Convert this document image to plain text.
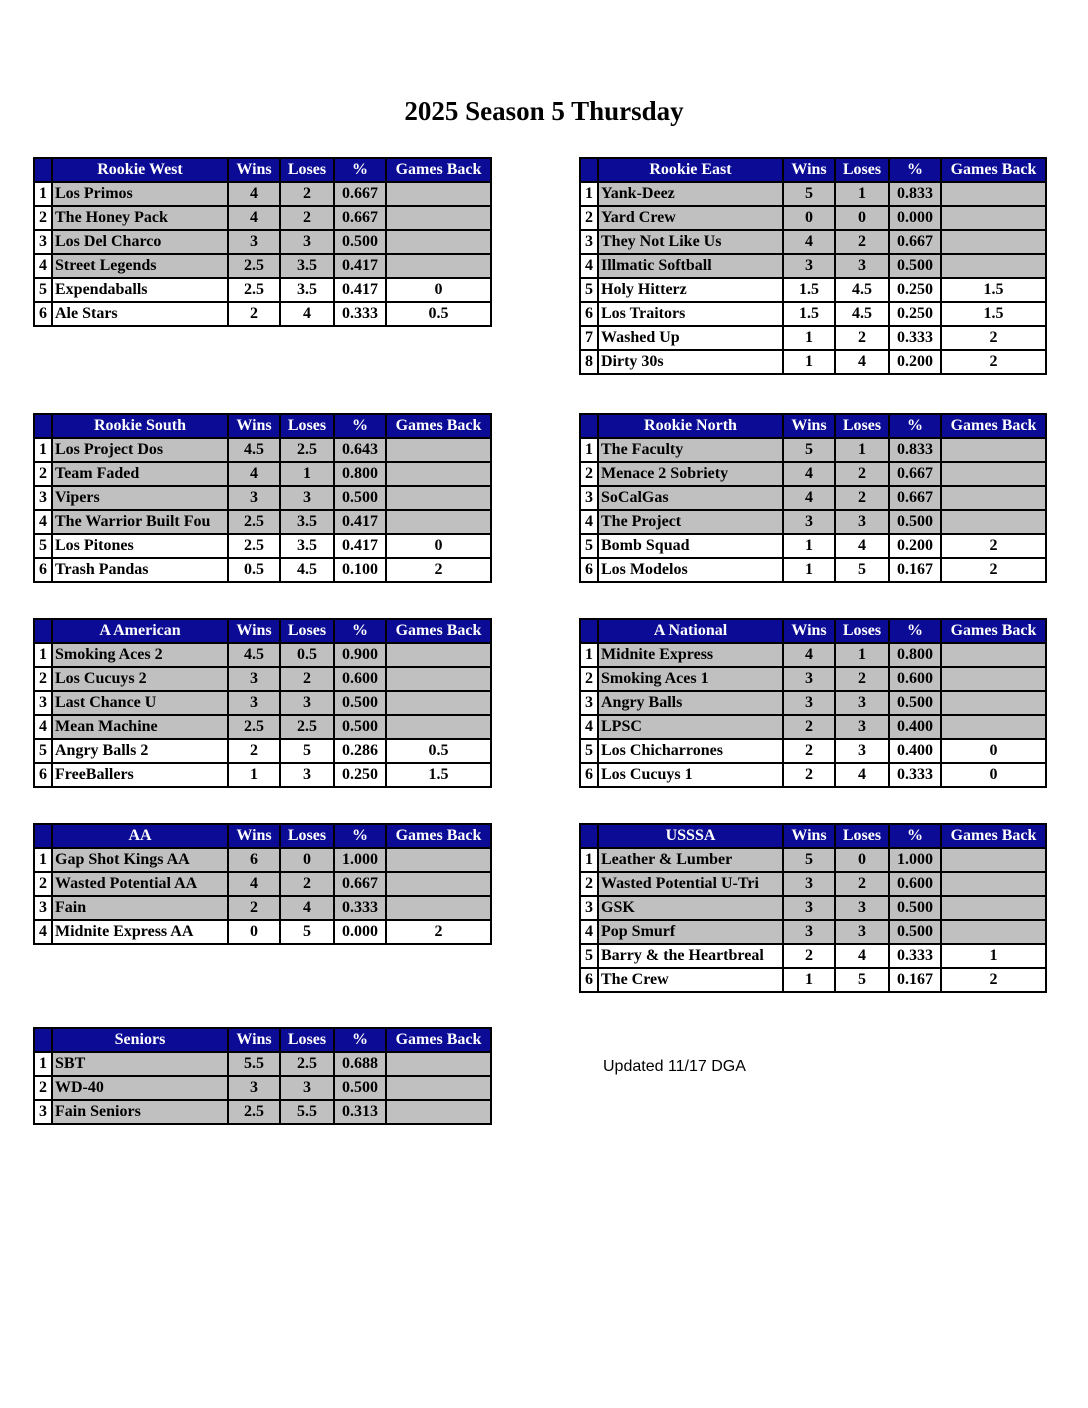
2025 Season 5 Thursday
	Rookie West	Wins	Loses	%	Games Back
1	Los Primos	4	2	0.667	
2	The Honey Pack	4	2	0.667	
3	Los Del Charco	3	3	0.500	
4	Street Legends	2.5	3.5	0.417	
5	Expendaballs	2.5	3.5	0.417	0
6	Ale Stars	2	4	0.333	0.5
	Rookie East	Wins	Loses	%	Games Back
1	Yank-Deez	5	1	0.833	
2	Yard Crew	0	0	0.000	
3	They Not Like Us	4	2	0.667	
4	Illmatic Softball	3	3	0.500	
5	Holy Hitterz	1.5	4.5	0.250	1.5
6	Los Traitors	1.5	4.5	0.250	1.5
7	Washed Up	1	2	0.333	2
8	Dirty 30s	1	4	0.200	2
	Rookie South	Wins	Loses	%	Games Back
1	Los Project Dos	4.5	2.5	0.643	
2	Team Faded	4	1	0.800	
3	Vipers	3	3	0.500	
4	The Warrior Built Fou	2.5	3.5	0.417	
5	Los Pitones	2.5	3.5	0.417	0
6	Trash Pandas	0.5	4.5	0.100	2
	Rookie North	Wins	Loses	%	Games Back
1	The Faculty	5	1	0.833	
2	Menace 2 Sobriety	4	2	0.667	
3	SoCalGas	4	2	0.667	
4	The Project	3	3	0.500	
5	Bomb Squad	1	4	0.200	2
6	Los Modelos	1	5	0.167	2
	A American	Wins	Loses	%	Games Back
1	Smoking Aces 2	4.5	0.5	0.900	
2	Los Cucuys 2	3	2	0.600	
3	Last Chance U	3	3	0.500	
4	Mean Machine	2.5	2.5	0.500	
5	Angry Balls 2	2	5	0.286	0.5
6	FreeBallers	1	3	0.250	1.5
	A National	Wins	Loses	%	Games Back
1	Midnite Express	4	1	0.800	
2	Smoking Aces 1	3	2	0.600	
3	Angry Balls	3	3	0.500	
4	LPSC	2	3	0.400	
5	Los Chicharrones	2	3	0.400	0
6	Los Cucuys 1	2	4	0.333	0
	AA	Wins	Loses	%	Games Back
1	Gap Shot Kings AA	6	0	1.000	
2	Wasted Potential AA	4	2	0.667	
3	Fain	2	4	0.333	
4	Midnite Express AA	0	5	0.000	2
	USSSA	Wins	Loses	%	Games Back
1	Leather & Lumber	5	0	1.000	
2	Wasted Potential U-Tri	3	2	0.600	
3	GSK	3	3	0.500	
4	Pop Smurf	3	3	0.500	
5	Barry & the Heartbreal	2	4	0.333	1
6	The Crew	1	5	0.167	2
	Seniors	Wins	Loses	%	Games Back
1	SBT	5.5	2.5	0.688	
2	WD-40	3	3	0.500	
3	Fain Seniors	2.5	5.5	0.313	
Updated 11/17 DGA
